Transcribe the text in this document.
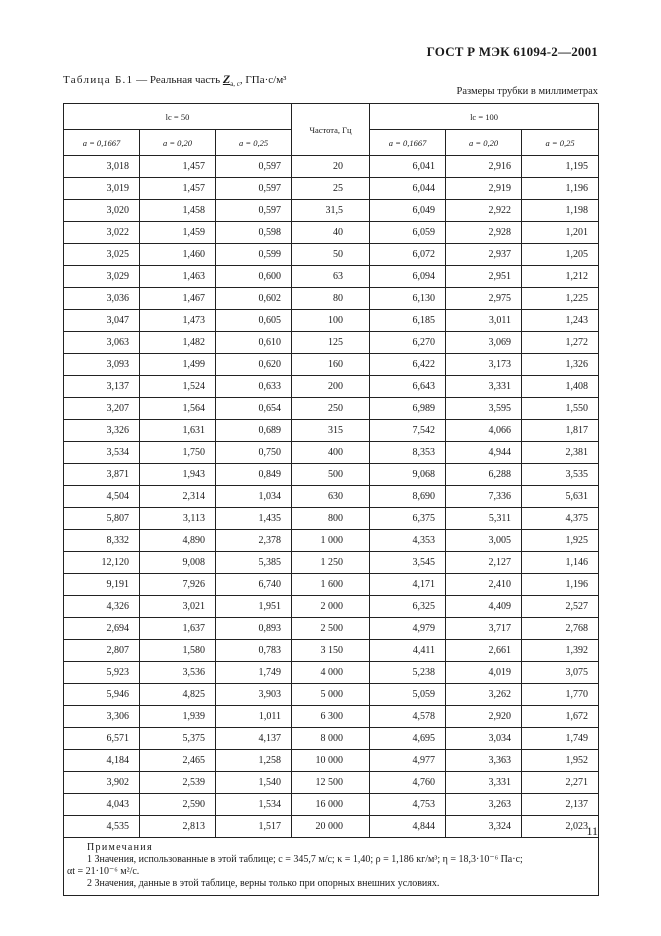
ГОСТ Р МЭК 61094-2—2001
Таблица Б.1 — Реальная часть $Z_{a, c}$, ГПа·с/м³
Размеры трубки в миллиметрах
lc = 50			Частота, Гц	lc = 100		
a = 0,1667	a = 0,20	a = 0,25		a = 0,1667	a = 0,20	a = 0,25
3,018	1,457	0,597	20	6,041	2,916	1,195
3,019	1,457	0,597	25	6,044	2,919	1,196
3,020	1,458	0,597	31,5	6,049	2,922	1,198
3,022	1,459	0,598	40	6,059	2,928	1,201
3,025	1,460	0,599	50	6,072	2,937	1,205
3,029	1,463	0,600	63	6,094	2,951	1,212
3,036	1,467	0,602	80	6,130	2,975	1,225
3,047	1,473	0,605	100	6,185	3,011	1,243
3,063	1,482	0,610	125	6,270	3,069	1,272
3,093	1,499	0,620	160	6,422	3,173	1,326
3,137	1,524	0,633	200	6,643	3,331	1,408
3,207	1,564	0,654	250	6,989	3,595	1,550
3,326	1,631	0,689	315	7,542	4,066	1,817
3,534	1,750	0,750	400	8,353	4,944	2,381
3,871	1,943	0,849	500	9,068	6,288	3,535
4,504	2,314	1,034	630	8,690	7,336	5,631
5,807	3,113	1,435	800	6,375	5,311	4,375
8,332	4,890	2,378	1 000	4,353	3,005	1,925
12,120	9,008	5,385	1 250	3,545	2,127	1,146
9,191	7,926	6,740	1 600	4,171	2,410	1,196
4,326	3,021	1,951	2 000	6,325	4,409	2,527
2,694	1,637	0,893	2 500	4,979	3,717	2,768
2,807	1,580	0,783	3 150	4,411	2,661	1,392
5,923	3,536	1,749	4 000	5,238	4,019	3,075
5,946	4,825	3,903	5 000	5,059	3,262	1,770
3,306	1,939	1,011	6 300	4,578	2,920	1,672
6,571	5,375	4,137	8 000	4,695	3,034	1,749
4,184	2,465	1,258	10 000	4,977	3,363	1,952
3,902	2,539	1,540	12 500	4,760	3,331	2,271
4,043	2,590	1,534	16 000	4,753	3,263	2,137
4,535	2,813	1,517	20 000	4,844	3,324	2,023

Примечания
1 Значения, использованные в этой таблице; c = 345,7 м/с; κ = 1,40; ρ = 1,186 кг/м³; η = 18,3·10⁻⁶ Па·с;
αt = 21·10⁻⁶ м²/с.
2 Значения, данные в этой таблице, верны только при опорных внешних условиях.						
11
